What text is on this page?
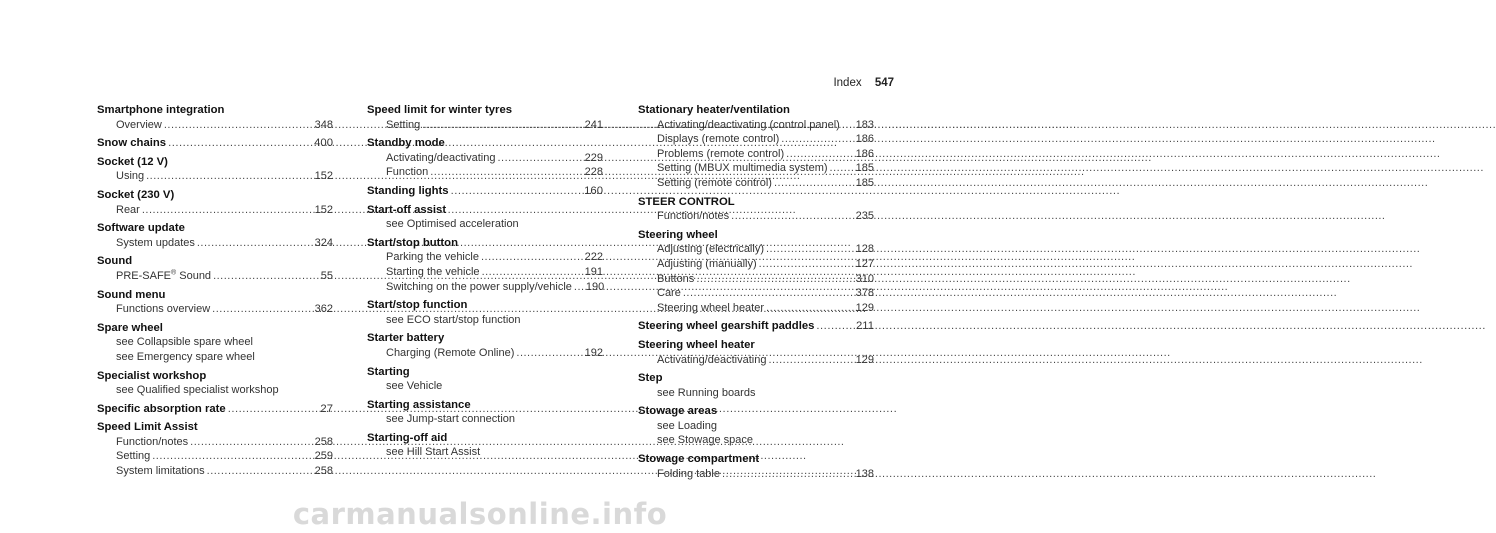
Index 547
Smartphone integration
Overview .....	348
Snow chains .....	400
Socket (12 V)
Using .....	152
Socket (230 V)
Rear .....	152
Software update
System updates .....	324
Sound
PRE-SAFE® Sound .....	55
Sound menu
Functions overview .....	362
Spare wheel
see Collapsible spare wheel
see Emergency spare wheel
Specialist workshop
see Qualified specialist workshop
Specific absorption rate .....	27
Speed Limit Assist
Function/notes .....	258
Setting .....	259
System limitations .....	258
Speed limit for winter tyres
Setting .....	241
Standby mode
Activating/deactivating .....	229
Function .....	228
Standing lights .....	160
Start-off assist
see Optimised acceleration
Start/stop button
Parking the vehicle .....	222
Starting the vehicle .....	191
Switching on the power supply/vehicle ..... 190
Start/stop function
see ECO start/stop function
Starter battery
Charging (Remote Online) .....	192
Starting
see Vehicle
Starting assistance
see Jump-start connection
Starting-off aid
see Hill Start Assist
Stationary heater/ventilation
Activating/deactivating (control panel) ..... 183
Displays (remote control) .....	186
Problems (remote control) .....	186
Setting (MBUX multimedia system) .....	185
Setting (remote control) .....	185
STEER CONTROL
Function/notes .....	235
Steering wheel
Adjusting (electrically) .....	128
Adjusting (manually) .....	127
Buttons .....	310
Care .....	378
Steering wheel heater .....	129
Steering wheel gearshift paddles .....	211
Steering wheel heater
Activating/deactivating .....	129
Step
see Running boards
Stowage areas
see Loading
see Stowage space
Stowage compartment
Folding table .....	138
carmanualsonline.info
